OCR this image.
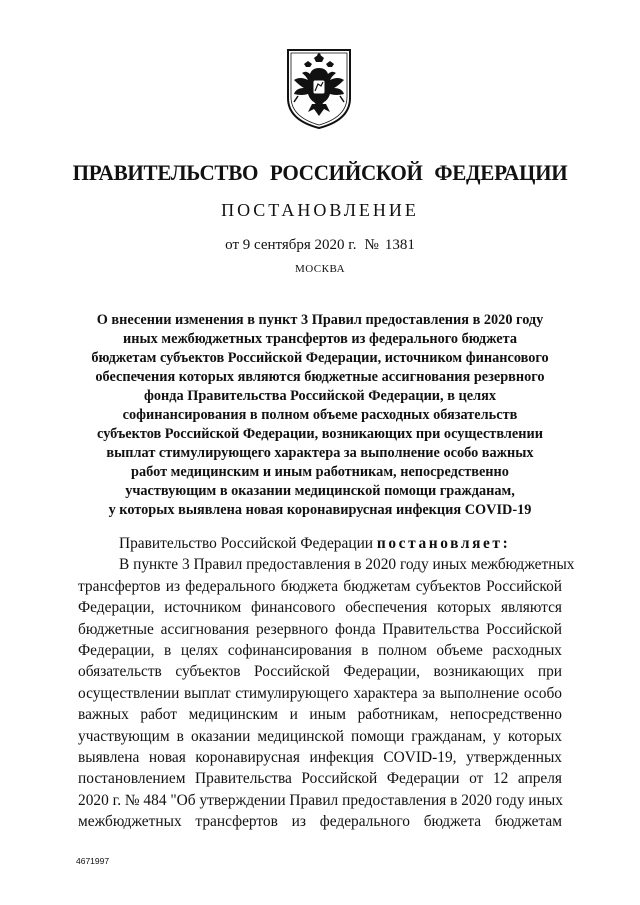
ПРАВИТЕЛЬСТВО РОССИЙСКОЙ ФЕДЕРАЦИИ
ПОСТАНОВЛЕНИЕ
от 9 сентября 2020 г. № 1381
МОСКВА
О внесении изменения в пункт 3 Правил предоставления в 2020 году
иных межбюджетных трансфертов из федерального бюджета
бюджетам субъектов Российской Федерации, источником финансового
обеспечения которых являются бюджетные ассигнования резервного
фонда Правительства Российской Федерации, в целях
софинансирования в полном объеме расходных обязательств
субъектов Российской Федерации, возникающих при осуществлении
выплат стимулирующего характера за выполнение особо важных
работ медицинским и иным работникам, непосредственно
участвующим в оказании медицинской помощи гражданам,
у которых выявлена новая коронавирусная инфекция COVID-19
Правительство Российской Федерации постановляет:
В пункте 3 Правил предоставления в 2020 году иных межбюджетных
трансфертов из федерального бюджета бюджетам субъектов Российской
Федерации, источником финансового обеспечения которых являются
бюджетные ассигнования резервного фонда Правительства Российской
Федерации, в целях софинансирования в полном объеме расходных
обязательств субъектов Российской Федерации, возникающих при
осуществлении выплат стимулирующего характера за выполнение особо
важных работ медицинским и иным работникам, непосредственно
участвующим в оказании медицинской помощи гражданам, у которых
выявлена новая коронавирусная инфекция COVID-19, утвержденных
постановлением Правительства Российской Федерации от 12 апреля
2020 г. № 484 "Об утверждении Правил предоставления в 2020 году иных
межбюджетных трансфертов из федерального бюджета бюджетам
4671997
